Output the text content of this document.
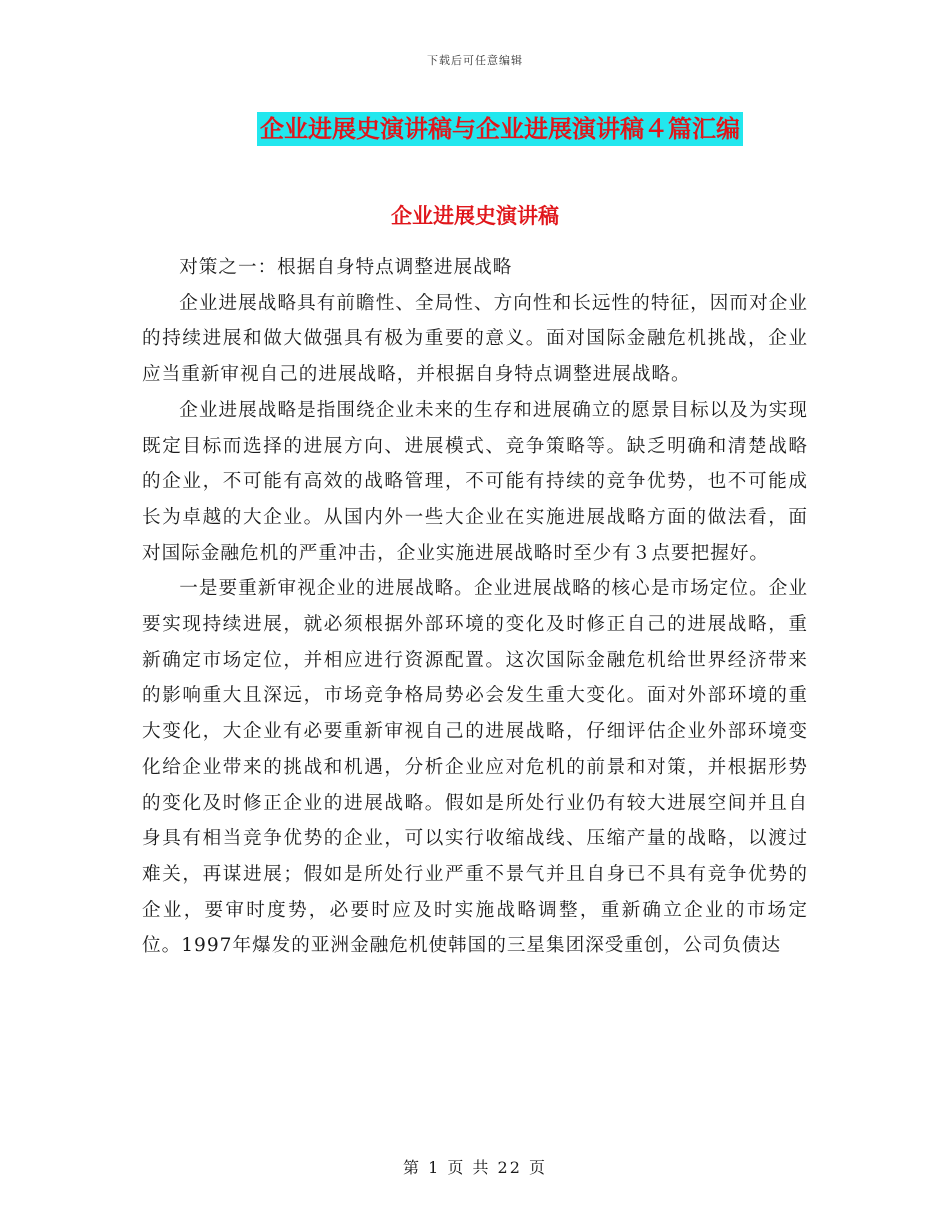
下载后可任意编辑
企业进展史演讲稿与企业进展演讲稿４篇汇编
企业进展史演讲稿

对策之一：根据自身特点调整进展战略

企业进展战略具有前瞻性、全局性、方向性和长远性的特征，因而对企业的持续进展和做大做强具有极为重要的意义。面对国际金融危机挑战，企业应当重新审视自己的进展战略，并根据自身特点调整进展战略。

企业进展战略是指围绕企业未来的生存和进展确立的愿景目标以及为实现既定目标而选择的进展方向、进展模式、竞争策略等。缺乏明确和清楚战略的企业，不可能有高效的战略管理，不可能有持续的竞争优势，也不可能成长为卓越的大企业。从国内外一些大企业在实施进展战略方面的做法看，面对国际金融危机的严重冲击，企业实施进展战略时至少有３点要把握好。

一是要重新审视企业的进展战略。企业进展战略的核心是市场定位。企业要实现持续进展，就必须根据外部环境的变化及时修正自己的进展战略，重新确定市场定位，并相应进行资源配置。这次国际金融危机给世界经济带来的影响重大且深远，市场竞争格局势必会发生重大变化。面对外部环境的重大变化，大企业有必要重新审视自己的进展战略，仔细评估企业外部环境变化给企业带来的挑战和机遇，分析企业应对危机的前景和对策，并根据形势的变化及时修正企业的进展战略。假如是所处行业仍有较大进展空间并且自身具有相当竞争优势的企业，可以实行收缩战线、压缩产量的战略，以渡过难关，再谋进展；假如是所处行业严重不景气并且自身已不具有竞争优势的企业，要审时度势，必要时应及时实施战略调整，重新确立企业的市场定位。1997年爆发的亚洲金融危机使韩国的三星集团深受重创，公司负债达

第 1 页 共 22 页
